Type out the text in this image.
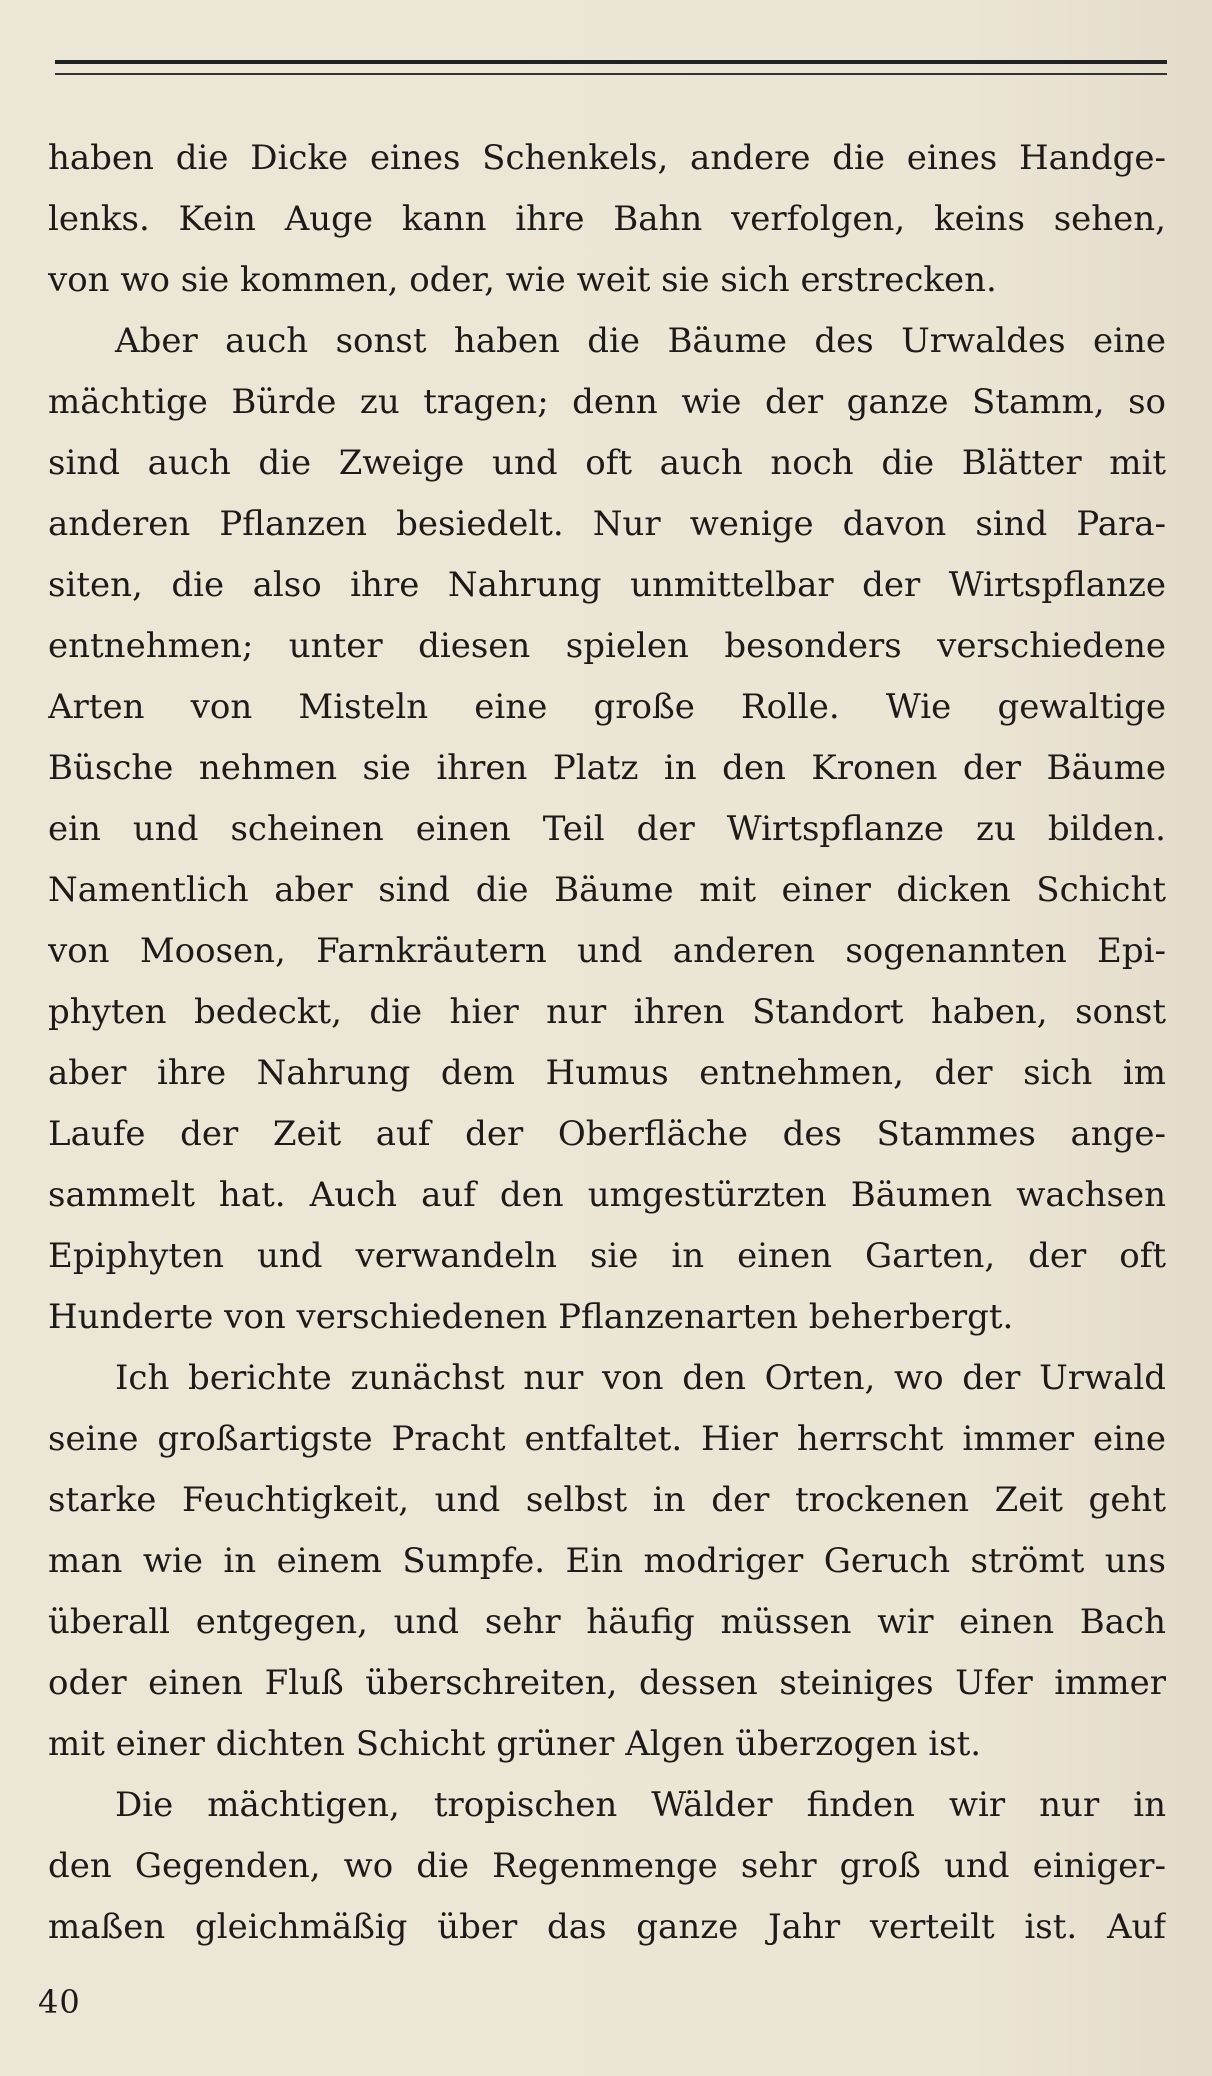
haben die Dicke eines Schenkels, andere die eines Handge-
lenks. Kein Auge kann ihre Bahn verfolgen, keins sehen,
von wo sie kommen, oder, wie weit sie sich erstrecken.
Aber auch sonst haben die Bäume des Urwaldes eine
mächtige Bürde zu tragen; denn wie der ganze Stamm, so
sind auch die Zweige und oft auch noch die Blätter mit
anderen Pflanzen besiedelt. Nur wenige davon sind Para-
siten, die also ihre Nahrung unmittelbar der Wirtspflanze
entnehmen; unter diesen spielen besonders verschiedene
Arten von Misteln eine große Rolle. Wie gewaltige
Büsche nehmen sie ihren Platz in den Kronen der Bäume
ein und scheinen einen Teil der Wirtspflanze zu bilden.
Namentlich aber sind die Bäume mit einer dicken Schicht
von Moosen, Farnkräutern und anderen sogenannten Epi-
phyten bedeckt, die hier nur ihren Standort haben, sonst
aber ihre Nahrung dem Humus entnehmen, der sich im
Laufe der Zeit auf der Oberfläche des Stammes ange-
sammelt hat. Auch auf den umgestürzten Bäumen wachsen
Epiphyten und verwandeln sie in einen Garten, der oft
Hunderte von verschiedenen Pflanzenarten beherbergt.
Ich berichte zunächst nur von den Orten, wo der Urwald
seine großartigste Pracht entfaltet. Hier herrscht immer eine
starke Feuchtigkeit, und selbst in der trockenen Zeit geht
man wie in einem Sumpfe. Ein modriger Geruch strömt uns
überall entgegen, und sehr häufig müssen wir einen Bach
oder einen Fluß überschreiten, dessen steiniges Ufer immer
mit einer dichten Schicht grüner Algen überzogen ist.
Die mächtigen, tropischen Wälder finden wir nur in
den Gegenden, wo die Regenmenge sehr groß und einiger-
maßen gleichmäßig über das ganze Jahr verteilt ist. Auf
40
